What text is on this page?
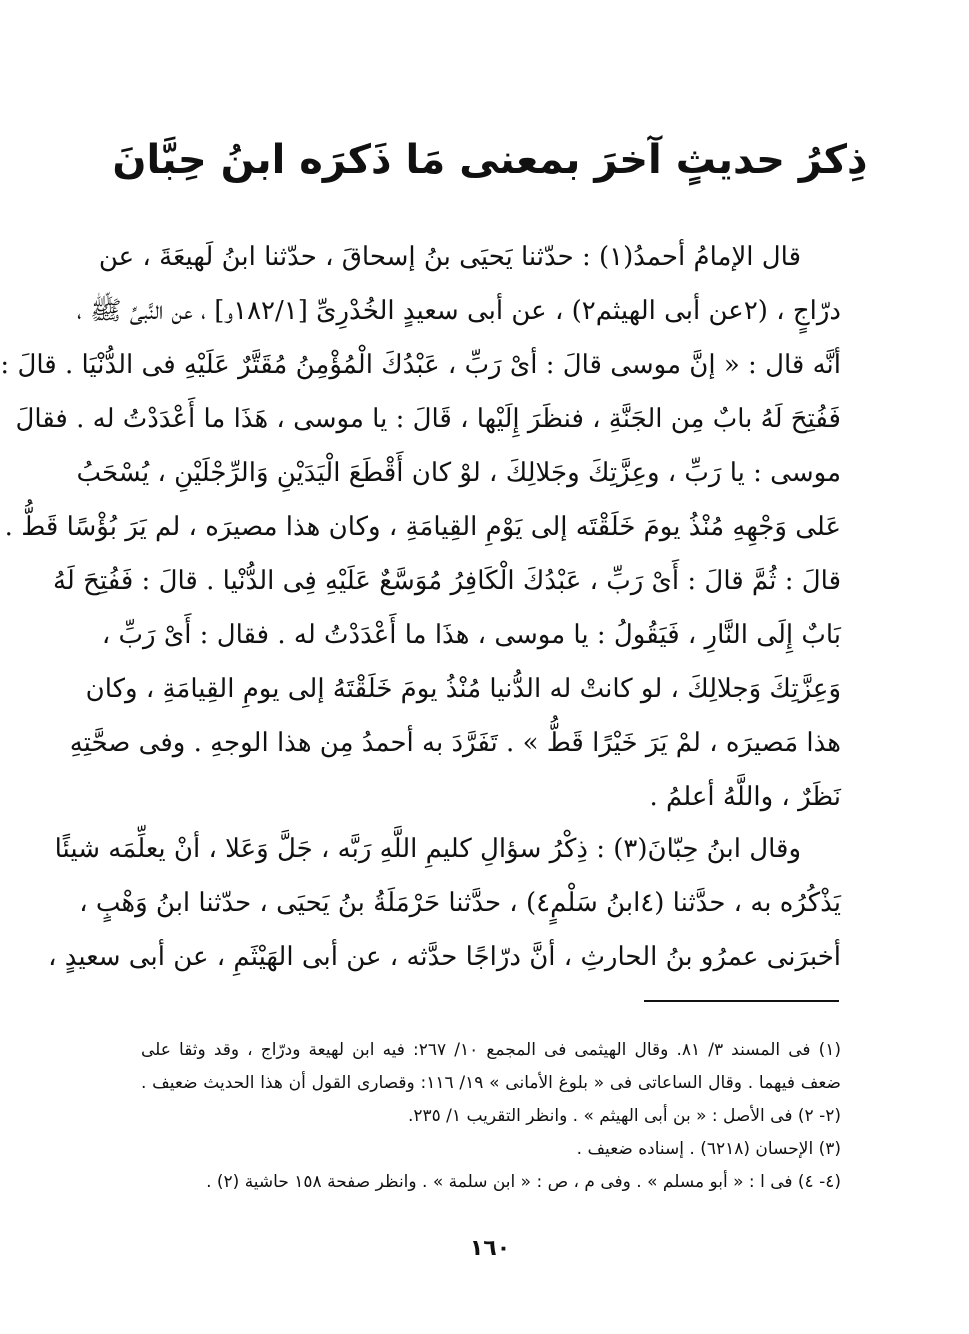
ذِكرُ حديثٍ آخرَ بمعنى مَا ذَكرَه ابنُ حِبَّانَ
قال الإمامُ أحمدُ(١) : حدّثنا يَحيَى بنُ إسحاقَ ، حدّثنا ابنُ لَهيعَةَ ، عن
درّاجٍ ، (٢عن أبى الهيثم٢) ، عن أبى سعيدٍ الخُدْرِىِّ [١٨٢/١و] ، عن النَّبىِّ ﷺ ،
أنَّه قال : « إنَّ موسى قالَ : أىْ رَبِّ ، عَبْدُكَ الْمُؤْمِنُ مُقَتَّرٌ عَلَيْهِ فى الدُّنْيَا . قالَ :
فَفُتِحَ لَهُ بابٌ مِن الجَنَّةِ ، فنظَرَ إِلَيْها ، قَالَ : يا موسى ، هَذَا ما أَعْدَدْتُ له . فقالَ
موسى : يا رَبِّ ، وعِزَّتِكَ وجَلالِكَ ، لوْ كان أَقْطَعَ الْيَدَيْنِ وَالرِّجْلَيْنِ ، يُسْحَبُ
عَلى وَجْهِهِ مُنْذُ يومَ خَلَقْتَه إلى يَوْمِ القِيامَةِ ، وكان هذا مصيرَه ، لم يَرَ بُؤْسًا قَطُّ .
قالَ : ثُمَّ قالَ : أَىْ رَبِّ ، عَبْدُكَ الْكَافِرُ مُوَسَّعٌ عَلَيْهِ فِى الدُّنْيا . قالَ : فَفُتِحَ لَهُ
بَابٌ إِلَى النَّارِ ، فَيَقُولُ : يا موسى ، هذَا ما أَعْدَدْتُ له . فقال : أَىْ رَبِّ ،
وَعِزَّتِكَ وَجلالِكَ ، لو كانتْ له الدُّنيا مُنْذُ يومَ خَلَقْتَهُ إلى يومِ القِيامَةِ ، وكان
هذا مَصيرَه ، لمْ يَرَ خَيْرًا قَطُّ » . تَفَرَّدَ به أحمدُ مِن هذا الوجهِ . وفى صحَّتِهِ
نَظَرٌ ، واللَّهُ أعلمُ .
وقال ابنُ حِبّانَ(٣) : ذِكْرُ سؤالِ كليمِ اللَّهِ رَبَّه ، جَلَّ وَعَلا ، أنْ يعلِّمَه شيئًا
يَذْكُرُه به ، حدَّثنا (٤ابنُ سَلْمٍ٤) ، حدَّثنا حَرْمَلَةُ بنُ يَحيَى ، حدّثنا ابنُ وَهْبٍ ،
أخبرَنى عمرُو بنُ الحارثِ ، أنَّ درّاجًا حدَّثه ، عن أبى الهَيْثَمِ ، عن أبى سعيدٍ ،
(١) فى المسند ٣/ ٨١. وقال الهيثمى فى المجمع ١٠/ ٢٦٧: فيه ابن لهيعة ودرّاج ، وقد وثقا على
ضعف فيهما . وقال الساعاتى فى « بلوغ الأمانى » ١٩/ ١١٦: وقصارى القول أن هذا الحديث ضعيف .
(٢- ٢) فى الأصل : « بن أبى الهيثم » . وانظر التقريب ١/ ٢٣٥.
(٣) الإحسان (٦٢١٨) . إسناده ضعيف .
(٤- ٤) فى ا : « أبو مسلم » . وفى م ، ص : « ابن سلمة » . وانظر صفحة ١٥٨ حاشية (٢) .
١٦٠
